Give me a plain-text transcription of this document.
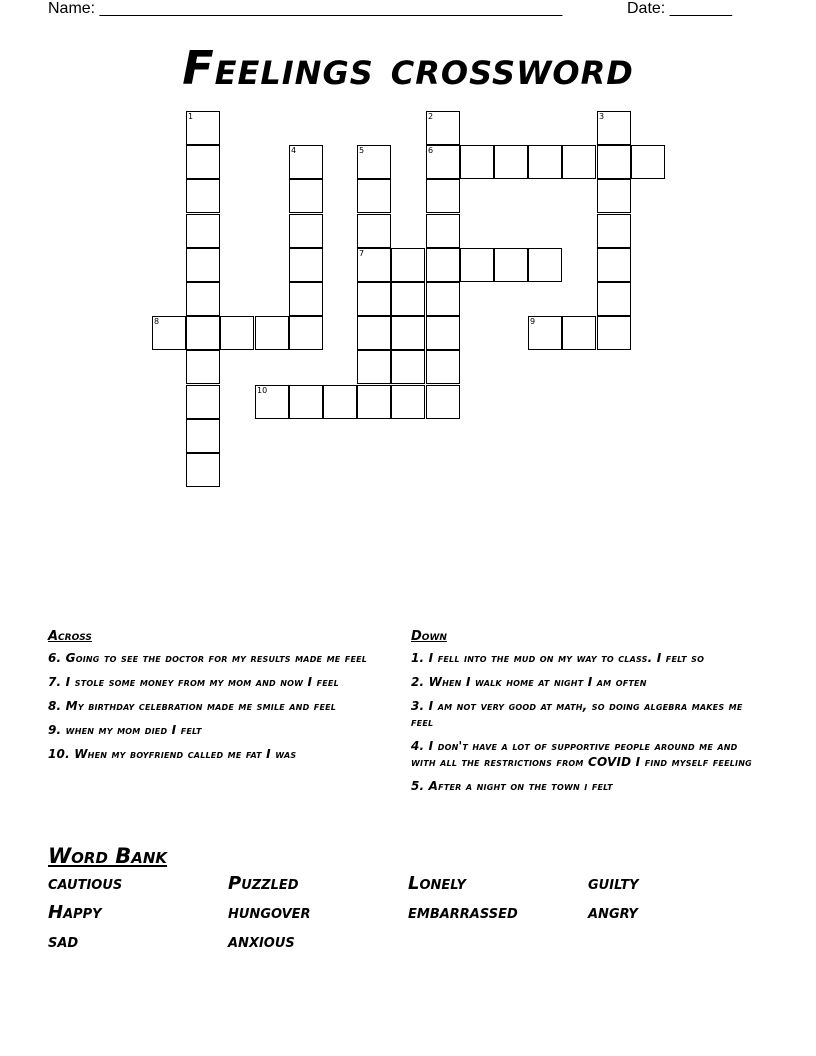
Name: ____________________________________________________	Date: _______
Feelings crossword
1	2
6
3
4	5
7
8	9
10
Across
6. Going to see the doctor for my results made me feel
7. I stole some money from my mom and now I feel
8. My birthday celebration made me smile and feel
9. when my mom died I felt
10. When my boyfriend called me fat I was
Down
1. I fell into the mud on my way to class. I felt so
2. When I walk home at night I am often
3. I am not very good at math, so doing algebra makes me feel
4. I don't have a lot of supportive people around me and with all the restrictions from COVID I find myself feeling
5. After a night on the town i felt
Word Bank
cautious	Puzzled	Lonely	guilty
Happy	hungover	embarrassed	angry
sad	anxious
